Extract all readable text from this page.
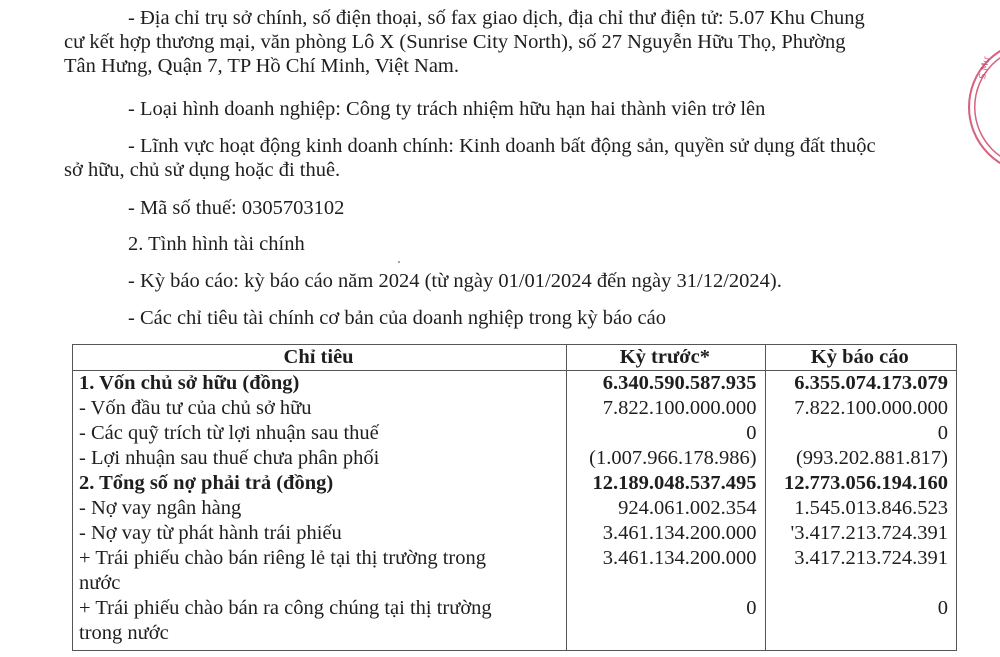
- Địa chỉ trụ sở chính, số điện thoại, số fax giao dịch, địa chỉ thư điện tử: 5.07 Khu Chung
cư kết hợp thương mại, văn phòng Lô X (Sunrise City North), số 27 Nguyễn Hữu Thọ, Phường
Tân Hưng, Quận 7, TP Hồ Chí Minh, Việt Nam.
- Loại hình doanh nghiệp: Công ty trách nhiệm hữu hạn hai thành viên trở lên
- Lĩnh vực hoạt động kinh doanh chính: Kinh doanh bất động sản, quyền sử dụng đất thuộc
sở hữu, chủ sử dụng hoặc đi thuê.
- Mã số thuế: 0305703102
2. Tình hình tài chính
- Kỳ báo cáo: kỳ báo cáo năm 2024 (từ ngày 01/01/2024 đến ngày 31/12/2024).
- Các chỉ tiêu tài chính cơ bản của doanh nghiệp trong kỳ báo cáo
Chỉ tiêu	Kỳ trước*	Kỳ báo cáo
1. Vốn chủ sở hữu (đồng)	6.340.590.587.935	6.355.074.173.079
- Vốn đầu tư của chủ sở hữu	7.822.100.000.000	7.822.100.000.000
- Các quỹ trích từ lợi nhuận sau thuế	0	0
- Lợi nhuận sau thuế chưa phân phối	(1.007.966.178.986)	(993.202.881.817)
2. Tổng số nợ phải trả (đồng)	12.189.048.537.495	12.773.056.194.160
- Nợ vay ngân hàng	924.061.002.354	1.545.013.846.523
- Nợ vay từ phát hành trái phiếu	3.461.134.200.000	'3.417.213.724.391

+ Trái phiếu chào bán riêng lẻ tại thị trường trong
nước	3.461.134.200.000	3.417.213.724.391

+ Trái phiếu chào bán ra công chúng tại thị trường
trong nước	0	0
S.Mư
